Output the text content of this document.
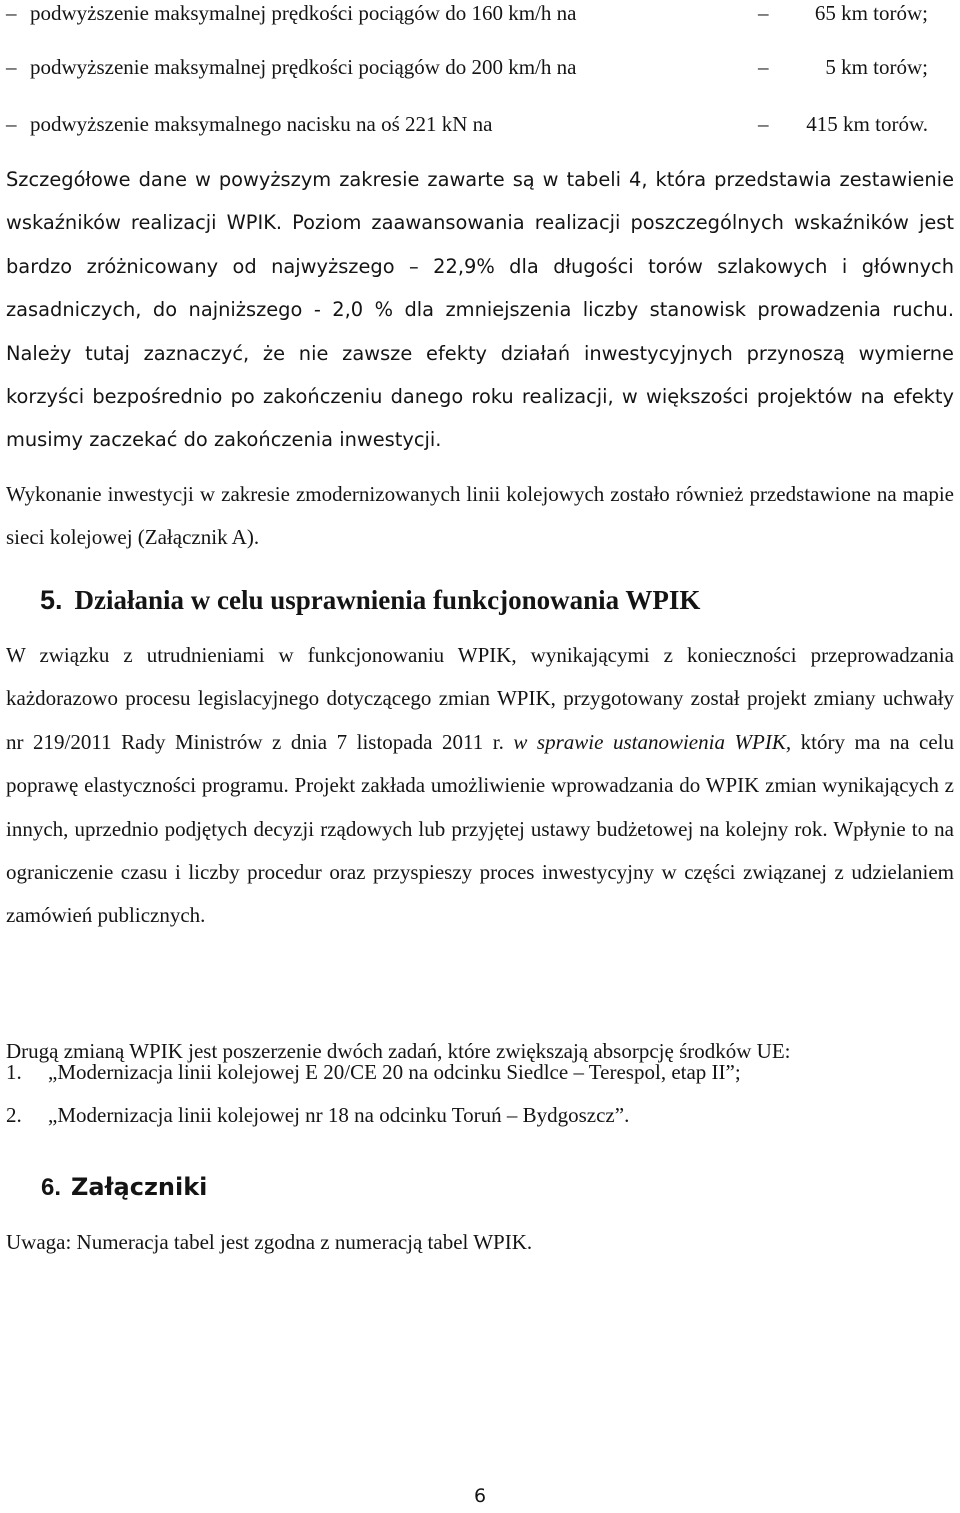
– podwyższenie maksymalnej prędkości pociągów do 160 km/h na	– 65 km torów;
– podwyższenie maksymalnej prędkości pociągów do 200 km/h na	–	5 km torów;
– podwyższenie maksymalnego nacisku na oś 221 kN na	– 415 km torów.

Szczegółowe dane w powyższym zakresie zawarte są w tabeli 4, która przedstawia zestawienie wskaźników realizacji WPIK. Poziom zaawansowania realizacji poszczególnych wskaźników jest bardzo zróżnicowany od najwyższego – 22,9% dla długości torów szlakowych i głównych zasadniczych, do najniższego - 2,0 % dla zmniejszenia liczby stanowisk prowadzenia ruchu. Należy tutaj zaznaczyć, że nie zawsze efekty działań inwestycyjnych przynoszą wymierne korzyści bezpośrednio po zakończeniu danego roku realizacji, w większości projektów na efekty musimy zaczekać do zakończenia inwestycji.

Wykonanie inwestycji w zakresie zmodernizowanych linii kolejowych zostało również przedstawione na mapie sieci kolejowej (Załącznik A).

5. Działania w celu usprawnienia funkcjonowania WPIK

W związku z utrudnieniami w funkcjonowaniu WPIK, wynikającymi z konieczności przeprowadzania każdorazowo procesu legislacyjnego dotyczącego zmian WPIK, przygotowany został projekt zmiany uchwały nr 219/2011 Rady Ministrów z dnia 7 listopada 2011 r. w sprawie ustanowienia WPIK, który ma na celu poprawę elastyczności programu. Projekt zakłada umożliwienie wprowadzania do WPIK zmian wynikających z innych, uprzednio podjętych decyzji rządowych lub przyjętej ustawy budżetowej na kolejny rok. Wpłynie to na ograniczenie czasu i liczby procedur oraz przyspieszy proces inwestycyjny w części związanej z udzielaniem zamówień publicznych.

Drugą zmianą WPIK jest poszerzenie dwóch zadań, które zwiększają absorpcję środków UE:

1. „Modernizacja linii kolejowej E 20/CE 20 na odcinku Siedlce – Terespol, etap II”;
2. „Modernizacja linii kolejowej nr 18 na odcinku Toruń – Bydgoszcz”.
6. Załączniki

Uwaga: Numeracja tabel jest zgodna z numeracją tabel WPIK.

6
